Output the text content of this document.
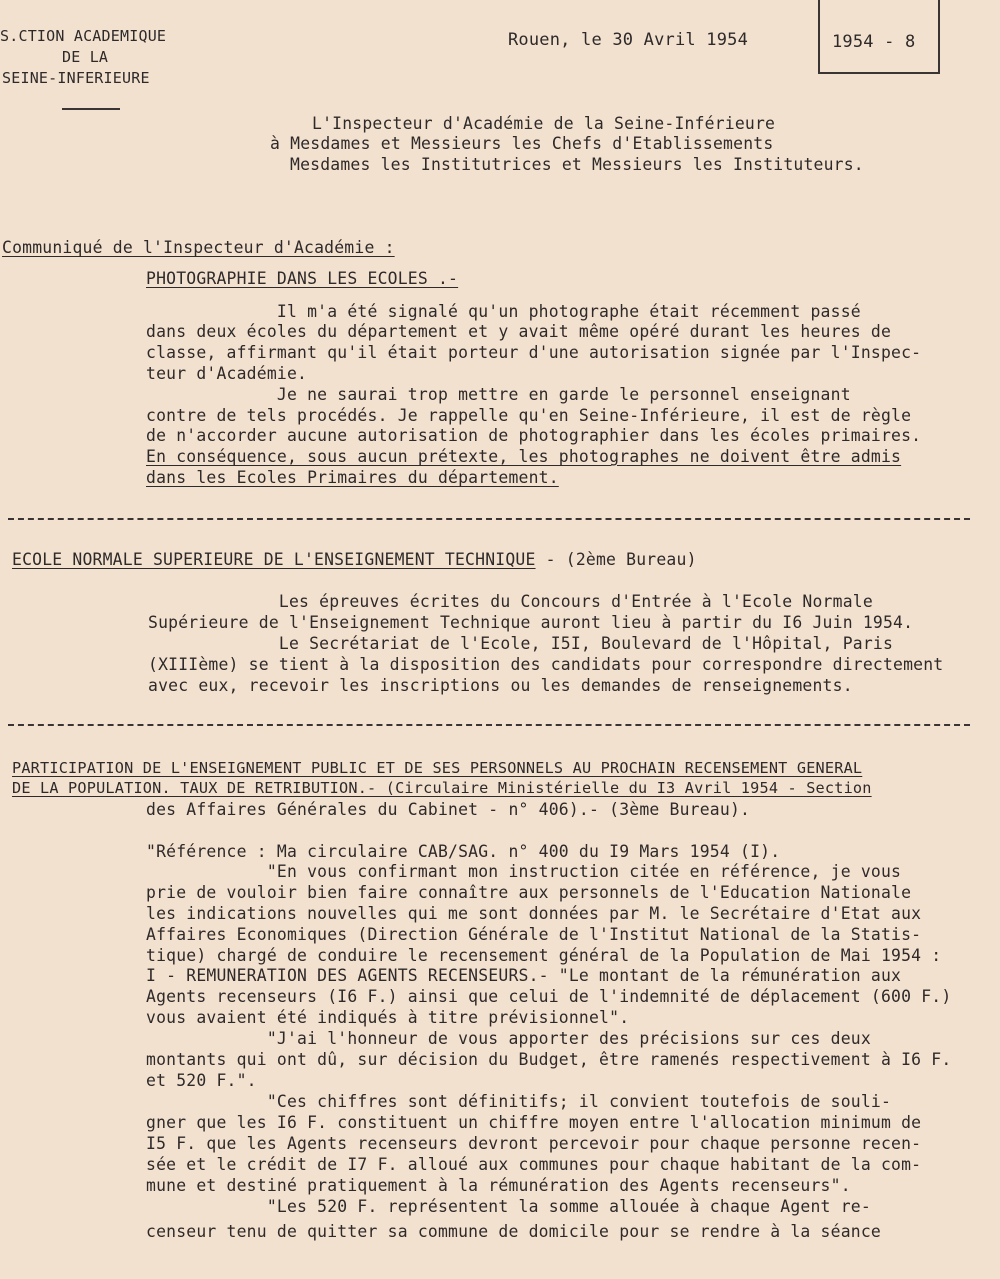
S.CTION ACADEMIQUE
DE LA
SEINE-INFERIEURE
Rouen, le 30 Avril 1954	1954 - 8
L'Inspecteur d'Académie de la Seine-Inférieure
à Mesdames et Messieurs les Chefs d'Etablissements
Mesdames les Institutrices et Messieurs les Instituteurs.
Communiqué de l'Inspecteur d'Académie :
PHOTOGRAPHIE DANS LES ECOLES .-
Il m'a été signalé qu'un photographe était récemment passé
dans deux écoles du département et y avait même opéré durant les heures de
classe, affirmant qu'il était porteur d'une autorisation signée par l'Inspec-
teur d'Académie.
Je ne saurai trop mettre en garde le personnel enseignant
contre de tels procédés. Je rappelle qu'en Seine-Inférieure, il est de règle
de n'accorder aucune autorisation de photographier dans les écoles primaires.
En conséquence, sous aucun prétexte, les photographes ne doivent être admis
dans les Ecoles Primaires du département.
ECOLE NORMALE SUPERIEURE DE L'ENSEIGNEMENT TECHNIQUE - (2ème Bureau)
Les épreuves écrites du Concours d'Entrée à l'Ecole Normale
Supérieure de l'Enseignement Technique auront lieu à partir du I6 Juin 1954.
Le Secrétariat de l'Ecole, I5I, Boulevard de l'Hôpital, Paris
(XIIIème) se tient à la disposition des candidats pour correspondre directement
avec eux, recevoir les inscriptions ou les demandes de renseignements.
PARTICIPATION DE L'ENSEIGNEMENT PUBLIC ET DE SES PERSONNELS AU PROCHAIN RECENSEMENT GENERAL
DE LA POPULATION. TAUX DE RETRIBUTION.- (Circulaire Ministérielle du I3 Avril 1954 - Section
des Affaires Générales du Cabinet - n° 406).- (3ème Bureau).
"Référence : Ma circulaire CAB/SAG. n° 400 du I9 Mars 1954 (I).
"En vous confirmant mon instruction citée en référence, je vous
prie de vouloir bien faire connaître aux personnels de l'Education Nationale
les indications nouvelles qui me sont données par M. le Secrétaire d'Etat aux
Affaires Economiques (Direction Générale de l'Institut National de la Statis-
tique) chargé de conduire le recensement général de la Population de Mai 1954 :
I - REMUNERATION DES AGENTS RECENSEURS.- "Le montant de la rémunération aux
Agents recenseurs (I6 F.) ainsi que celui de l'indemnité de déplacement (600 F.)
vous avaient été indiqués à titre prévisionnel".
"J'ai l'honneur de vous apporter des précisions sur ces deux
montants qui ont dû, sur décision du Budget, être ramenés respectivement à I6 F.
et 520 F.".
"Ces chiffres sont définitifs; il convient toutefois de souli-
gner que les I6 F. constituent un chiffre moyen entre l'allocation minimum de
I5 F. que les Agents recenseurs devront percevoir pour chaque personne recen-
sée et le crédit de I7 F. alloué aux communes pour chaque habitant de la com-
mune et destiné pratiquement à la rémunération des Agents recenseurs".
"Les 520 F. représentent la somme allouée à chaque Agent re-
censeur tenu de quitter sa commune de domicile pour se rendre à la séance
